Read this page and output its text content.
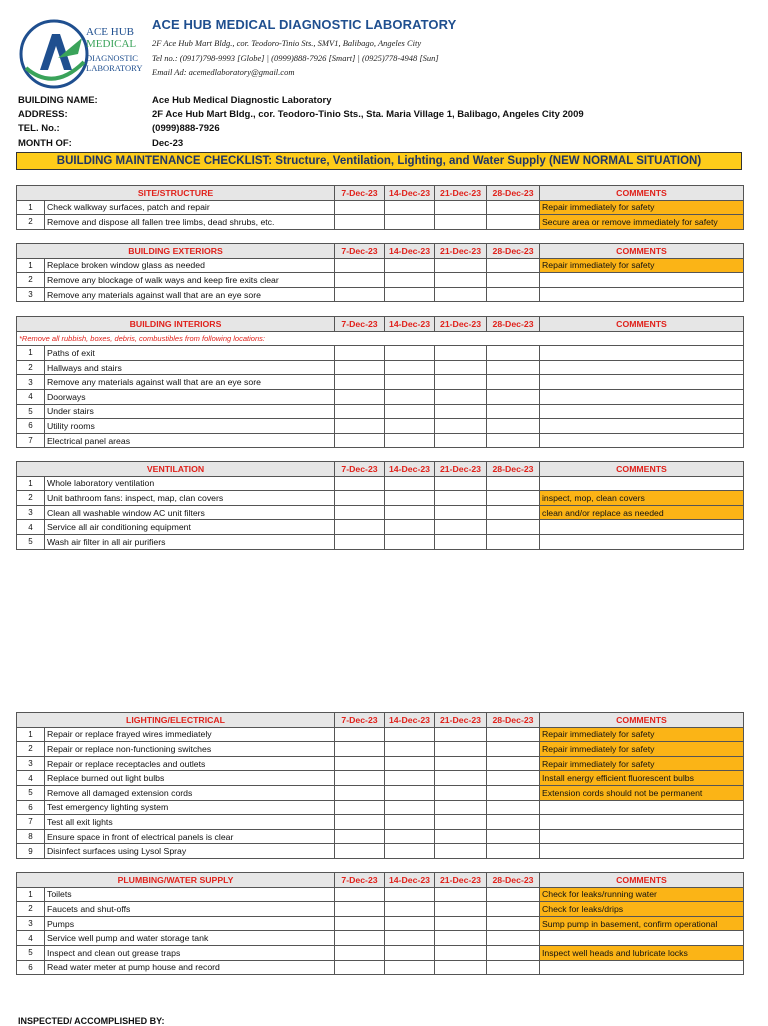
ACE HUB
MEDICAL
DIAGNOSTIC
LABORATORY
ACE HUB MEDICAL DIAGNOSTIC LABORATORY
2F Ace Hub Mart Bldg., cor. Teodoro-Tinio Sts., SMV1, Balibago, Angeles City
Tel no.: (0917)798-9993 [Globe] | (0999)888-7926 [Smart] | (0925)778-4948 [Sun]
Email Ad: acemedlaboratory@gmail.com
BUILDING NAME:	Ace Hub Medical Diagnostic Laboratory
ADDRESS:	2F Ace Hub Mart Bldg., cor. Teodoro-Tinio Sts., Sta. Maria Village 1, Balibago, Angeles City 2009
TEL. No.:	(0999)888-7926
MONTH OF:	Dec-23
BUILDING MAINTENANCE CHECKLIST: Structure, Ventilation, Lighting, and Water Supply (NEW NORMAL SITUATION)
SITE/STRUCTURE		7-Dec-23	14-Dec-23	21-Dec-23	28-Dec-23	COMMENTS
1	Check walkway surfaces, patch and repair					Repair immediately for safety
2	Remove and dispose all fallen tree limbs, dead shrubs, etc.					Secure area or remove immediately for safety
BUILDING EXTERIORS		7-Dec-23	14-Dec-23	21-Dec-23	28-Dec-23	COMMENTS
1	Replace broken window glass as needed					Repair immediately for safety
2	Remove any blockage of walk ways and keep fire exits clear					
3	Remove any materials against wall that are an eye sore					
BUILDING INTERIORS		7-Dec-23	14-Dec-23	21-Dec-23	28-Dec-23	COMMENTS
*Remove all rubbish, boxes, debris, combustibles from following locations:						
1	Paths of exit					
2	Hallways and stairs					
3	Remove any materials against wall that are an eye sore					
4	Doorways					
5	Under stairs					
6	Utility rooms					
7	Electrical panel areas					
VENTILATION		7-Dec-23	14-Dec-23	21-Dec-23	28-Dec-23	COMMENTS
1	Whole laboratory ventilation					
2	Unit bathroom fans: inspect, map, clan covers					inspect, mop, clean covers
3	Clean all washable window AC unit filters					clean and/or replace as needed
4	Service all air conditioning equipment					
5	Wash air filter in all air purifiers					
LIGHTING/ELECTRICAL		7-Dec-23	14-Dec-23	21-Dec-23	28-Dec-23	COMMENTS
1	Repair or replace frayed wires immediately					Repair immediately for safety
2	Repair or replace non-functioning switches					Repair immediately for safety
3	Repair or replace receptacles and outlets					Repair immediately for safety
4	Replace burned out light bulbs					Install energy efficient fluorescent bulbs
5	Remove all damaged extension cords					Extension cords should not be permanent
6	Test emergency lighting system					
7	Test all exit lights					
8	Ensure space in front of electrical panels is clear					
9	Disinfect surfaces using Lysol Spray					
PLUMBING/WATER SUPPLY		7-Dec-23	14-Dec-23	21-Dec-23	28-Dec-23	COMMENTS
1	Toilets					Check for leaks/running water
2	Faucets and shut-offs					Check for leaks/drips
3	Pumps					Sump pump in basement, confirm operational
4	Service well pump and water storage tank					
5	Inspect and clean out grease traps					Inspect well heads and lubricate locks
6	Read water meter at pump house and record					
INSPECTED/ ACCOMPLISHED BY:
